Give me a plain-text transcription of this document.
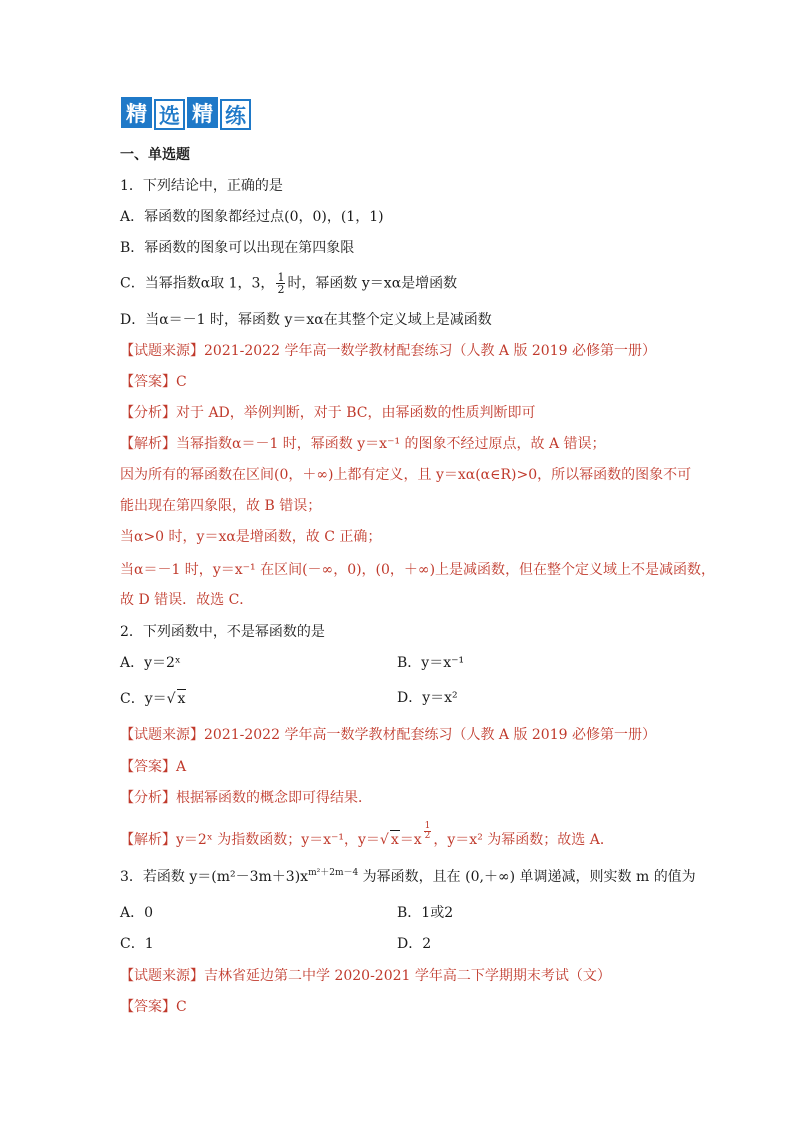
精 选 精 练
一、单选题
1．下列结论中，正确的是
A．幂函数的图象都经过点(0，0)，(1，1)
B．幂函数的图象可以出现在第四象限
C．当幂指数α取 1，3， $\frac{1}{2}$ 时，幂函数 y＝xα是增函数
D．当α＝－1 时，幂函数 y＝xα在其整个定义域上是减函数
【试题来源】2021-2022 学年高一数学教材配套练习（人教 A 版 2019 必修第一册）
【答案】C
【分析】对于 AD，举例判断，对于 BC，由幂函数的性质判断即可
【解析】当幂指数α＝－1 时，幂函数 y＝x⁻¹ 的图象不经过原点，故 A 错误；
因为所有的幂函数在区间(0，＋∞)上都有定义，且 y＝xα(α∈R)>0，所以幂函数的图象不可
能出现在第四象限，故 B 错误；
当α>0 时，y＝xα是增函数，故 C 正确；
当α＝－1 时，y＝x⁻¹ 在区间(－∞，0)，(0，＋∞)上是减函数，但在整个定义域上不是减函数，
故 D 错误．故选 C．
2．下列函数中，不是幂函数的是
A．y＝2ˣ	B．y＝x⁻¹
C．y＝√ x	D．y＝x²
【试题来源】2021-2022 学年高一数学教材配套练习（人教 A 版 2019 必修第一册）
【答案】A
【分析】根据幂函数的概念即可得结果．
【解析】y＝2ˣ 为指数函数；y＝x⁻¹，y＝√ $x=x \frac{1}{2}$ ，y＝x² 为幂函数；故选 A．
3．若函数 $y=(m^2-3m+3)x^{m^2+2m-4}$ 为幂函数，且在 (0,＋∞) 单调递减，则实数 m 的值为
A．0	B．1或2
C．1	D．2
【试题来源】吉林省延边第二中学 2020-2021 学年高二下学期期末考试（文）
【答案】C
